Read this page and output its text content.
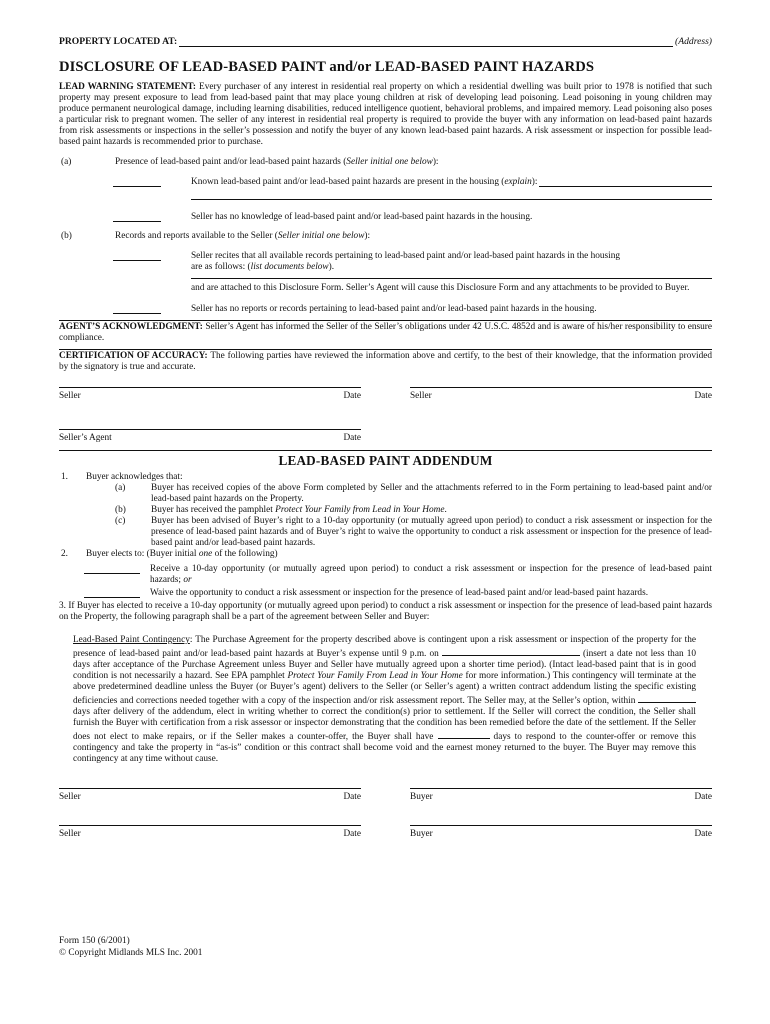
PROPERTY LOCATED AT:	(Address)
DISCLOSURE OF LEAD-BASED PAINT and/or LEAD-BASED PAINT HAZARDS

LEAD WARNING STATEMENT: Every purchaser of any interest in residential real property on which a residential dwelling was built prior to 1978 is notified that such property may present exposure to lead from lead-based paint that may place young children at risk of developing lead poisoning. Lead poisoning in young children may produce permanent neurological damage, including learning disabilities, reduced intelligence quotient, behavioral problems, and impaired memory. Lead poisoning also poses a particular risk to pregnant women. The seller of any interest in residential real property is required to provide the buyer with any information on lead-based paint hazards from risk assessments or inspections in the seller’s possession and notify the buyer of any known lead-based paint hazards. A risk assessment or inspection for possible lead-based paint hazards is recommended prior to purchase.

(a)	Presence of lead-based paint and/or lead-based paint hazards (Seller initial one below):
Known lead-based paint and/or lead-based paint hazards are present in the housing (explain):
Seller has no knowledge of lead-based paint and/or lead-based paint hazards in the housing.
(b)	Records and reports available to the Seller (Seller initial one below):
Seller recites that all available records pertaining to lead-based paint and/or lead-based paint hazards in the housing
are as follows: (list documents below).
and are attached to this Disclosure Form. Seller’s Agent will cause this Disclosure Form and any attachments to be provided to Buyer.
Seller has no reports or records pertaining to lead-based paint and/or lead-based paint hazards in the housing.

AGENT’S ACKNOWLEDGMENT: Seller’s Agent has informed the Seller of the Seller’s obligations under 42 U.S.C. 4852d and is aware of his/her responsibility to ensure compliance.

CERTIFICATION OF ACCURACY: The following parties have reviewed the information above and certify, to the best of their knowledge, that the information provided by the signatory is true and accurate.

Seller	Date	Seller	Date
Seller’s Agent	Date
LEAD-BASED PAINT ADDENDUM
1.	Buyer acknowledges that:
(a)	Buyer has received copies of the above Form completed by Seller and the attachments referred to in the Form pertaining to lead-based paint and/or lead-based paint hazards on the Property.
(b)	Buyer has received the pamphlet Protect Your Family from Lead in Your Home.
(c)	Buyer has been advised of Buyer’s right to a 10-day opportunity (or mutually agreed upon period) to conduct a risk assessment or inspection for the presence of lead-based paint hazards and of Buyer’s right to waive the opportunity to conduct a risk assessment or inspection for the presence of lead-based paint and/or lead-based paint hazards.
2.	Buyer elects to: (Buyer initial one of the following)
Receive a 10-day opportunity (or mutually agreed upon period) to conduct a risk assessment or inspection for the presence of lead-based paint hazards; or
Waive the opportunity to conduct a risk assessment or inspection for the presence of lead-based paint and/or lead-based paint hazards.

3. If Buyer has elected to receive a 10-day opportunity (or mutually agreed upon period) to conduct a risk assessment or inspection for the presence of lead-based paint hazards on the Property, the following paragraph shall be a part of the agreement between Seller and Buyer:

Lead-Based Paint Contingency: The Purchase Agreement for the property described above is contingent upon a risk assessment or inspection of the property for the presence of lead-based paint and/or lead-based paint hazards at Buyer’s expense until 9 p.m. on	(insert a date not less than 10 days after acceptance of the Purchase Agreement unless Buyer and Seller have mutually agreed upon a shorter time period). (Intact lead-based paint that is in good condition is not necessarily a hazard. See EPA pamphlet Protect Your Family From Lead in Your Home for more information.) This contingency will terminate at the above predetermined deadline unless the Buyer (or Buyer’s agent) delivers to the Seller (or Seller’s agent) a written contract addendum listing the specific existing deficiencies and corrections needed together with a copy of the inspection and/or risk assessment report. The Seller may, at the Seller’s option, within  days after delivery of the addendum, elect in writing whether to correct the condition(s) prior to settlement. If the Seller will correct the condition, the Seller shall furnish the Buyer with certification from a risk assessor or inspector demonstrating that the condition has been remedied before the date of the settlement. If the Seller does not elect to make repairs, or if the Seller makes a counter-offer, the Buyer shall have	days to respond to the counter-offer or remove this contingency and take the property in “as-is” condition or this contract shall become void and the earnest money returned to the buyer. The Buyer may remove this contingency at any time without cause.
Seller	Date	Buyer	Date
Seller	Date	Buyer	Date
Form 150 (6/2001)
© Copyright Midlands MLS Inc. 2001
